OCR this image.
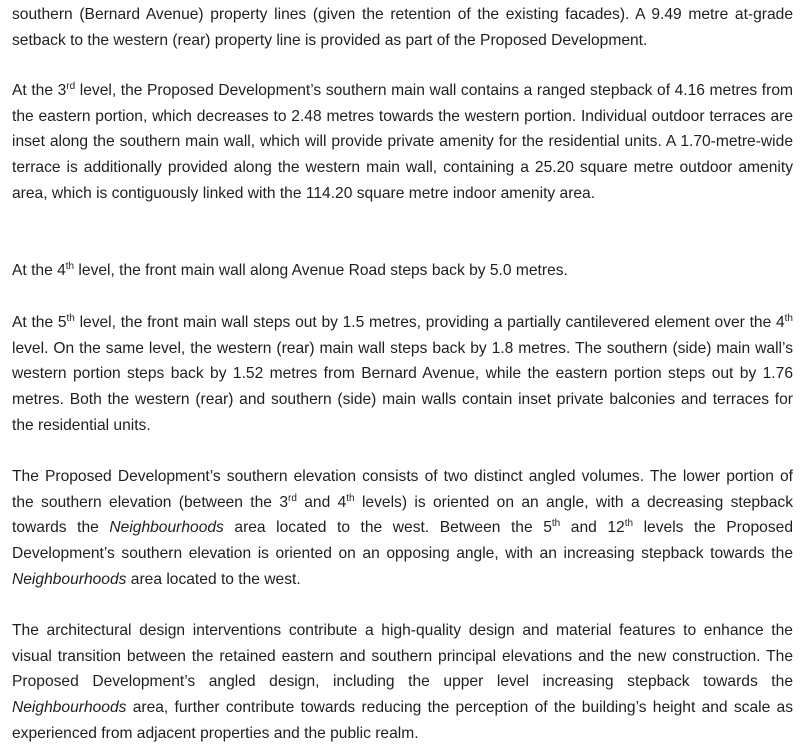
southern (Bernard Avenue) property lines (given the retention of the existing facades). A 9.49 metre at-grade setback to the western (rear) property line is provided as part of the Proposed Development.

At the 3rd level, the Proposed Development’s southern main wall contains a ranged stepback of 4.16 metres from the eastern portion, which decreases to 2.48 metres towards the western portion. Individual outdoor terraces are inset along the southern main wall, which will provide private amenity for the residential units. A 1.70-metre-wide terrace is additionally provided along the western main wall, containing a 25.20 square metre outdoor amenity area, which is contiguously linked with the 114.20 square metre indoor amenity area.

At the 4th level, the front main wall along Avenue Road steps back by 5.0 metres.

At the 5th level, the front main wall steps out by 1.5 metres, providing a partially cantilevered element over the 4th level. On the same level, the western (rear) main wall steps back by 1.8 metres. The southern (side) main wall’s western portion steps back by 1.52 metres from Bernard Avenue, while the eastern portion steps out by 1.76 metres. Both the western (rear) and southern (side) main walls contain inset private balconies and terraces for the residential units.

The Proposed Development’s southern elevation consists of two distinct angled volumes. The lower portion of the southern elevation (between the 3rd and 4th levels) is oriented on an angle, with a decreasing stepback towards the Neighbourhoods area located to the west. Between the 5th and 12th levels the Proposed Development’s southern elevation is oriented on an opposing angle, with an increasing stepback towards the Neighbourhoods area located to the west.

The architectural design interventions contribute a high-quality design and material features to enhance the visual transition between the retained eastern and southern principal elevations and the new construction. The Proposed Development’s angled design, including the upper level increasing stepback towards the Neighbourhoods area, further contribute towards reducing the perception of the building’s height and scale as experienced from adjacent properties and the public realm.
